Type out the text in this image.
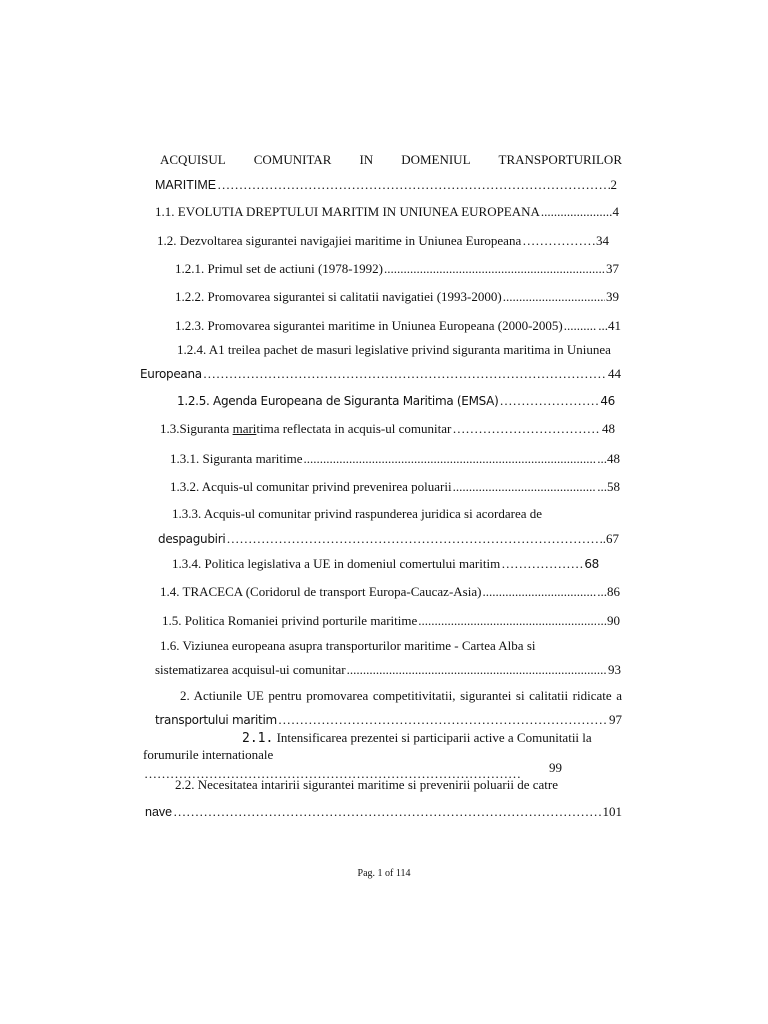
ACQUISUL COMUNITAR IN DOMENIUL TRANSPORTURILOR
MARITIME ………………………………………………………………………………………………………………………………………………………………………………………………………………………………………………………	2
1.1. EVOLUTIA DREPTULUI MARITIM IN UNIUNEA EUROPEANA .....	4
1.2. Dezvoltarea sigurantei navigajiei maritime in Uniunea Europeana ………………………………………………………………………………………………………………………………………………………………………………………………………………………………………………………	34
1.2.1. Primul set de actiuni (1978-1992) .....	37
1.2.2. Promovarea sigurantei si calitatii navigatiei (1993-2000) .....	39
1.2.3. Promovarea sigurantei maritime in Uniunea Europeana (2000-2005) .....	...41
1.2.4. A1 treilea pachet de masuri legislative privind siguranta maritima in Uniunea
Europeana ………………………………………………………………………………………………………………………………………………………………………………………………………………………………………………………	44
1.2.5. Agenda Europeana de Siguranta Maritima (EMSA) ………………………………………………………………………………………………………………………………………………………………………………………………………………………………………………………	46
1.3.Siguranta maritima reflectata in acquis-ul comunitar ………………………………………………………………………………………………………………………………………………………………………………………………………………………………………………………	48
1.3.1. Siguranta maritime .....	...48
1.3.2. Acquis-ul comunitar privind prevenirea poluarii .....	...58
1.3.3. Acquis-ul comunitar privind raspunderea juridica si acordarea de
despagubiri ………………………………………………………………………………………………………………………………………………………………………………………………………………………………………………………	.67
1.3.4. Politica legislativa a UE in domeniul comertului maritim ………………………………………………………………………………………………………………………………………………………………………………………………………………………………………………………	68
1.4. TRACECA (Coridorul de transport Europa-Caucaz-Asia) .....	...86
1.5. Politica Romaniei privind porturile maritime .....	...90
1.6. Viziunea europeana asupra transporturilor maritime - Cartea Alba si
sistematizarea acquisul-ui comunitar .....	93
2. Actiunile UE pentru promovarea competitivitatii, sigurantei si calitatii ridicate a
transportului maritim ………………………………………………………………………………………………………………………………………………………………………………………………………………………………………………………	97
2.1. Intensificarea prezentei si participarii active a Comunitatii la
forumurile internationale
………………………………………………………………………………………………………………………………………………………………………………………………………………………………………………………
99
2.2. Necesitatea intaririi sigurantei maritime si prevenirii poluarii de catre
nave ………………………………………………………………………………………………………………………………………………………………………………………………………………………………………………………	101
Pag. 1 of 114
